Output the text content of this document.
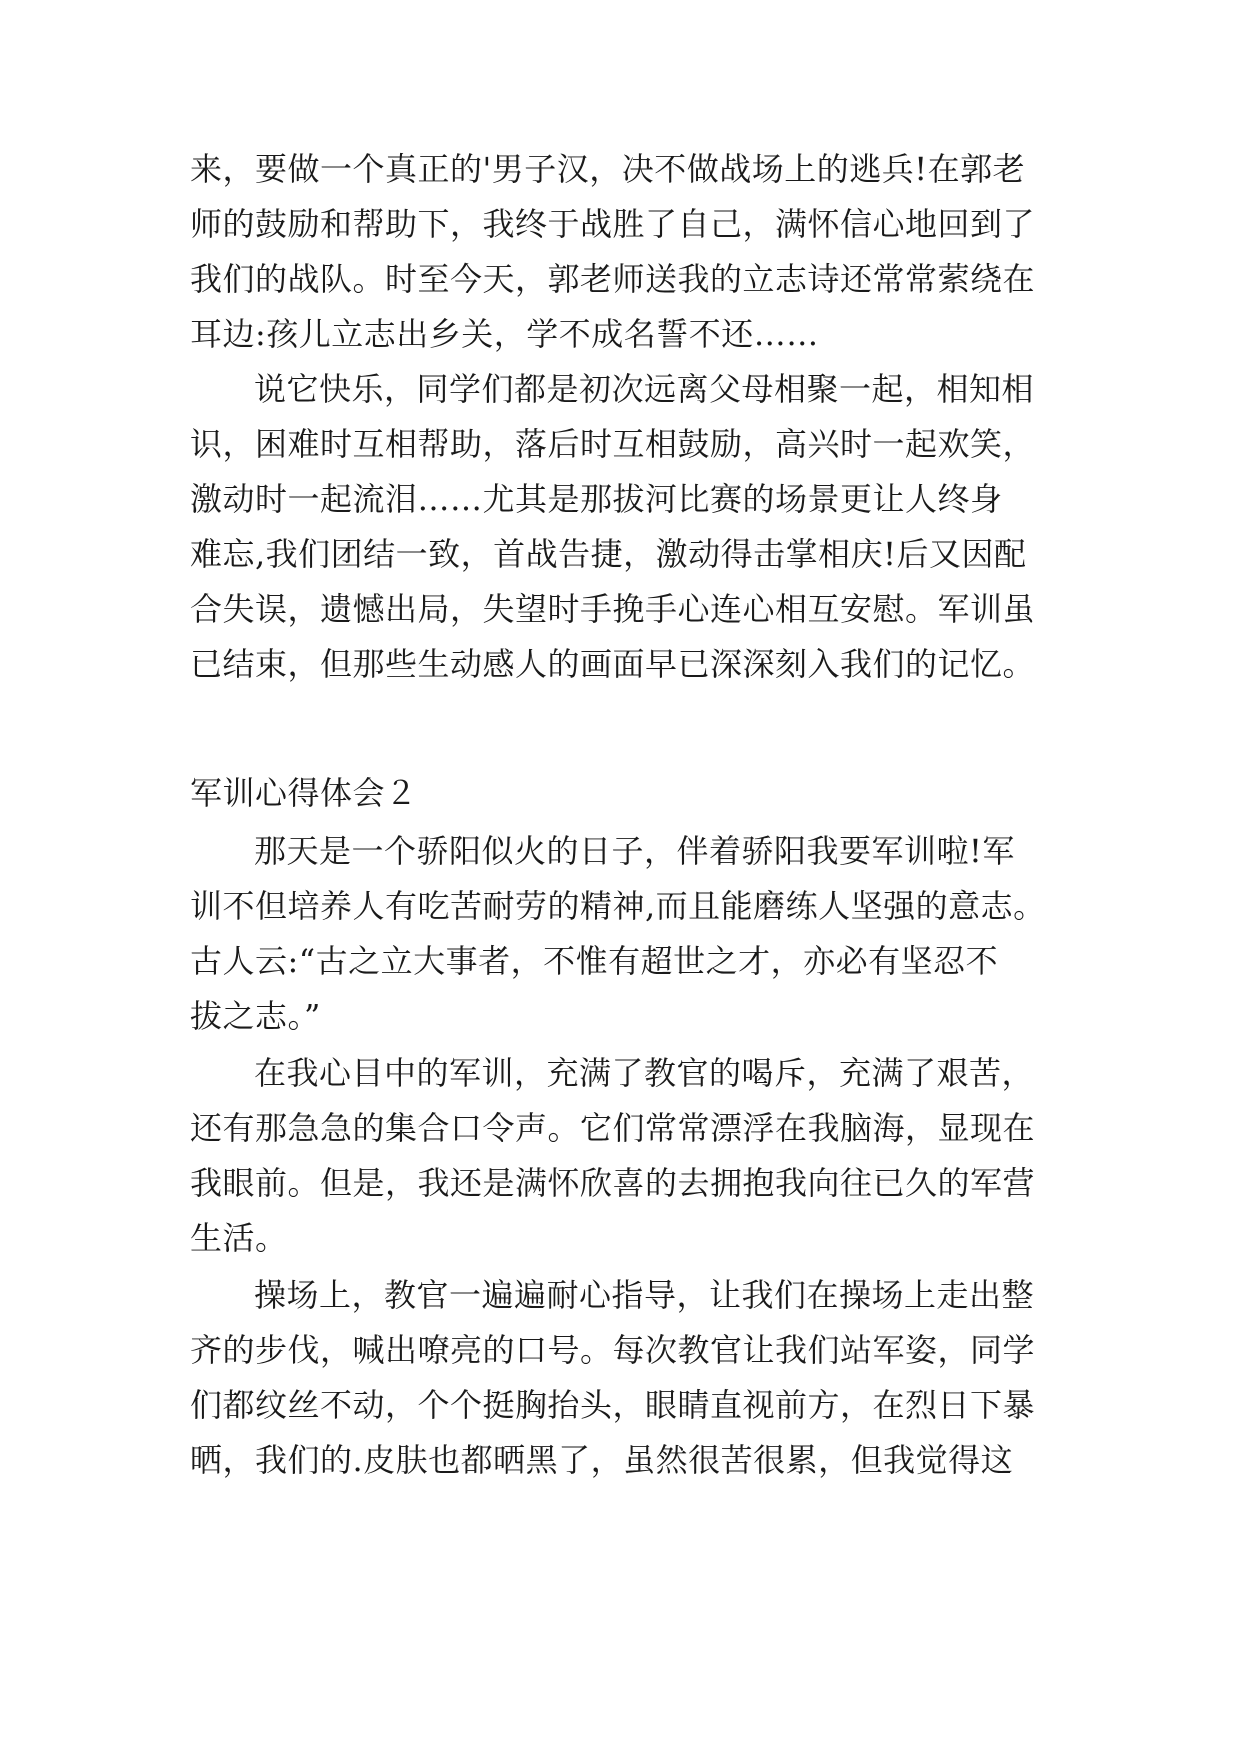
来，要做一个真正的'男子汉，决不做战场上的逃兵!在郭老
师的鼓励和帮助下，我终于战胜了自己，满怀信心地回到了
我们的战队。时至今天，郭老师送我的立志诗还常常萦绕在
耳边:孩儿立志出乡关，学不成名誓不还……
说它快乐，同学们都是初次远离父母相聚一起，相知相
识，困难时互相帮助，落后时互相鼓励，高兴时一起欢笑，
激动时一起流泪……尤其是那拔河比赛的场景更让人终身
难忘,我们团结一致，首战告捷，激动得击掌相庆!后又因配
合失误，遗憾出局，失望时手挽手心连心相互安慰。军训虽
已结束，但那些生动感人的画面早已深深刻入我们的记忆。
军训心得体会２
那天是一个骄阳似火的日子，伴着骄阳我要军训啦!军
训不但培养人有吃苦耐劳的精神,而且能磨练人坚强的意志。
古人云:“古之立大事者，不惟有超世之才，亦必有坚忍不
拔之志。”
在我心目中的军训，充满了教官的喝斥，充满了艰苦，
还有那急急的集合口令声。它们常常漂浮在我脑海，显现在
我眼前。但是，我还是满怀欣喜的去拥抱我向往已久的军营
生活。
操场上，教官一遍遍耐心指导，让我们在操场上走出整
齐的步伐，喊出嘹亮的口号。每次教官让我们站军姿，同学
们都纹丝不动，个个挺胸抬头，眼睛直视前方，在烈日下暴
晒，我们的.皮肤也都晒黑了，虽然很苦很累，但我觉得这
